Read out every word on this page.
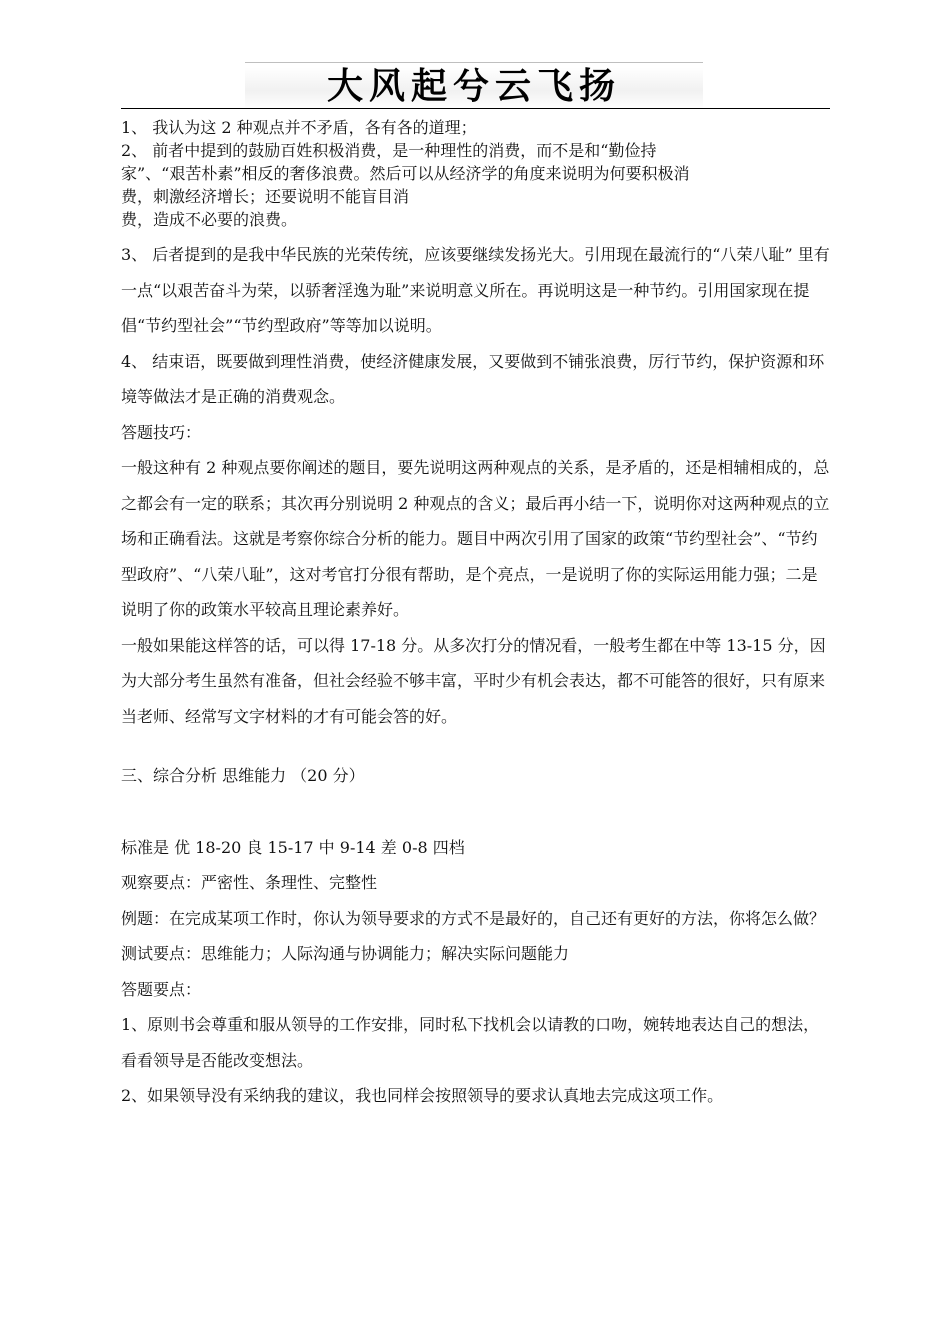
大风起兮云飞扬

1、 我认为这 2 种观点并不矛盾，各有各的道理；

2、 前者中提到的鼓励百姓积极消费，是一种理性的消费，而不是和“勤俭持

家”、“艰苦朴素”相反的奢侈浪费。然后可以从经济学的角度来说明为何要积极消

费，刺激经济增长；还要说明不能盲目消

费，造成不必要的浪费。

3、 后者提到的是我中华民族的光荣传统，应该要继续发扬光大。引用现在最流行的“八荣八耻” 里有一点“以艰苦奋斗为荣，以骄奢淫逸为耻”来说明意义所在。再说明这是一种节约。引用国家现在提倡“节约型社会”“节约型政府”等等加以说明。

4、 结束语，既要做到理性消费，使经济健康发展，又要做到不铺张浪费，厉行节约，保护资源和环境等做法才是正确的消费观念。

答题技巧：

一般这种有 2 种观点要你阐述的题目，要先说明这两种观点的关系，是矛盾的，还是相辅相成的，总之都会有一定的联系；其次再分别说明 2 种观点的含义；最后再小结一下，说明你对这两种观点的立场和正确看法。这就是考察你综合分析的能力。题目中两次引用了国家的政策“节约型社会”、“节约型政府”、“八荣八耻”，这对考官打分很有帮助，是个亮点，一是说明了你的实际运用能力强；二是说明了你的政策水平较高且理论素养好。

一般如果能这样答的话，可以得 17-18 分。从多次打分的情况看，一般考生都在中等 13-15 分，因为大部分考生虽然有准备，但社会经验不够丰富，平时少有机会表达，都不可能答的很好，只有原来当老师、经常写文字材料的才有可能会答的好。

三、综合分析 思维能力 （20 分）

标准是 优 18-20 良 15-17 中 9-14 差 0-8 四档

观察要点：严密性、条理性、完整性

例题：在完成某项工作时，你认为领导要求的方式不是最好的，自己还有更好的方法，你将怎么做？

测试要点：思维能力；人际沟通与协调能力；解决实际问题能力

答题要点：

1、原则书会尊重和服从领导的工作安排，同时私下找机会以请教的口吻，婉转地表达自己的想法，看看领导是否能改变想法。

2、如果领导没有采纳我的建议，我也同样会按照领导的要求认真地去完成这项工作。
